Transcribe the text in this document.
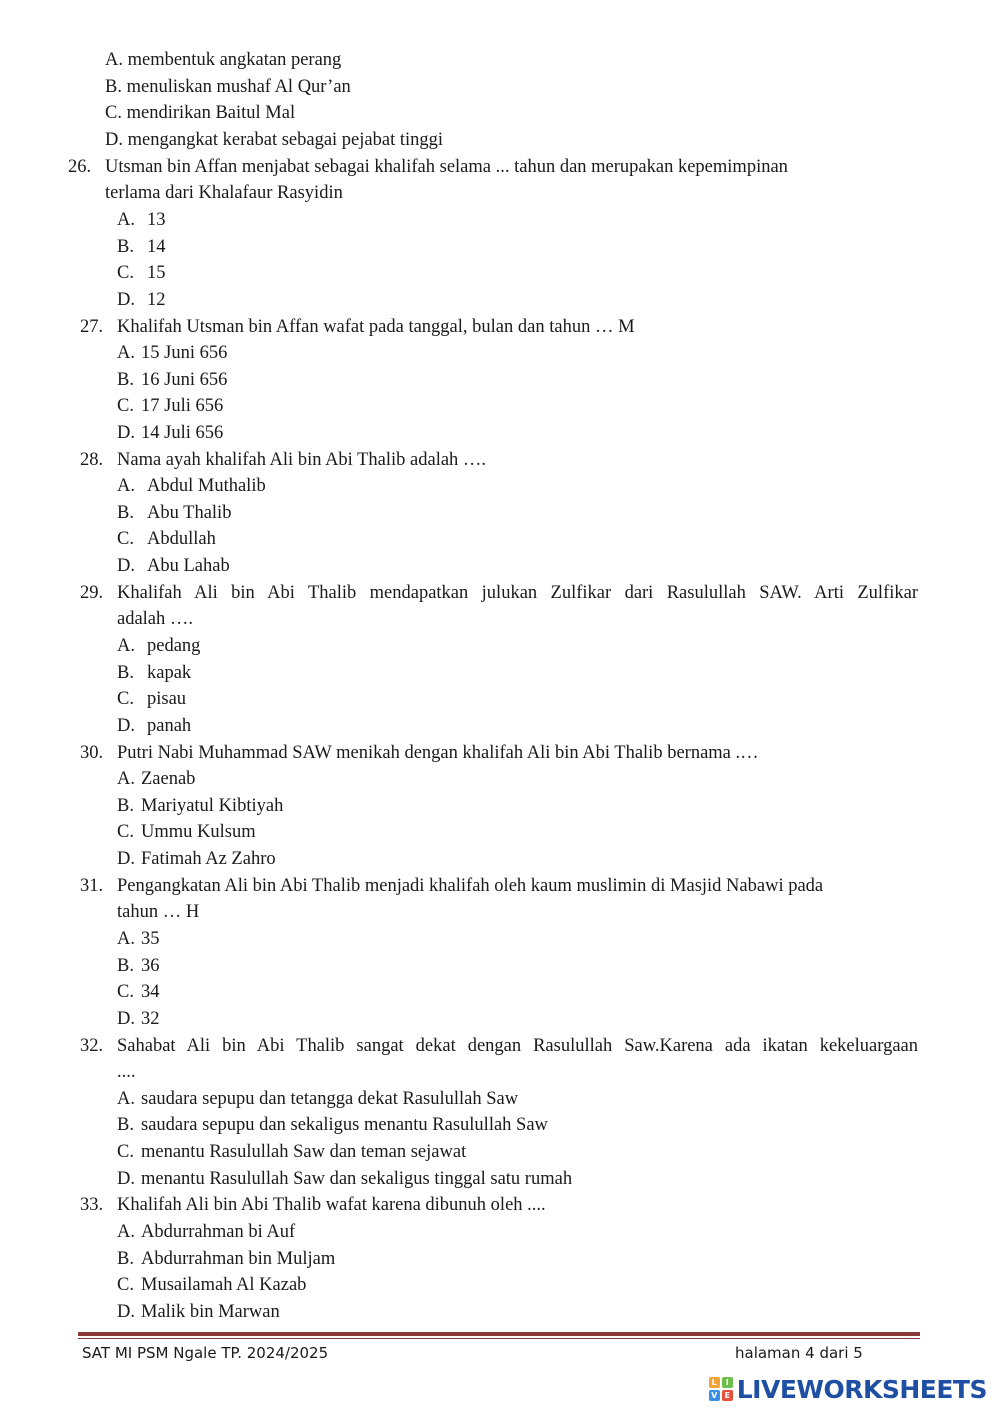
A. membentuk angkatan perang
B. menuliskan mushaf Al Qur’an
C. mendirikan Baitul Mal
D. mengangkat kerabat sebagai pejabat tinggi
26. Utsman bin Affan menjabat sebagai khalifah selama ... tahun dan merupakan kepemimpinan
terlama dari Khalafaur Rasyidin
A. 13
B. 14
C. 15
D. 12
27. Khalifah Utsman bin Affan wafat pada tanggal, bulan dan tahun … M
A. 15 Juni 656
B. 16 Juni 656
C. 17 Juli 656
D. 14 Juli 656
28. Nama ayah khalifah Ali bin Abi Thalib adalah ….
A. Abdul Muthalib
B. Abu Thalib
C. Abdullah
D. Abu Lahab
29. Khalifah Ali bin Abi Thalib mendapatkan julukan Zulfikar dari Rasulullah SAW. Arti Zulfikar
adalah ….
A. pedang
B. kapak
C. pisau
D. panah
30. Putri Nabi Muhammad SAW menikah dengan khalifah Ali bin Abi Thalib bernama .…
A. Zaenab
B. Mariyatul Kibtiyah
C. Ummu Kulsum
D. Fatimah Az Zahro
31. Pengangkatan Ali bin Abi Thalib menjadi khalifah oleh kaum muslimin di Masjid Nabawi pada
tahun … H
A. 35
B. 36
C. 34
D. 32
32. Sahabat Ali bin Abi Thalib sangat dekat dengan Rasulullah Saw.Karena ada ikatan kekeluargaan
....
A. saudara sepupu dan tetangga dekat Rasulullah Saw
B. saudara sepupu dan sekaligus menantu Rasulullah Saw
C. menantu Rasulullah Saw dan teman sejawat
D. menantu Rasulullah Saw dan sekaligus tinggal satu rumah
33. Khalifah Ali bin Abi Thalib wafat karena dibunuh oleh ....
A. Abdurrahman bi Auf
B. Abdurrahman bin Muljam
C. Musailamah Al Kazab
D. Malik bin Marwan
SAT MI PSM Ngale TP. 2024/2025	halaman 4 dari 5
L	I
V E LIVEWORKSHEETS
